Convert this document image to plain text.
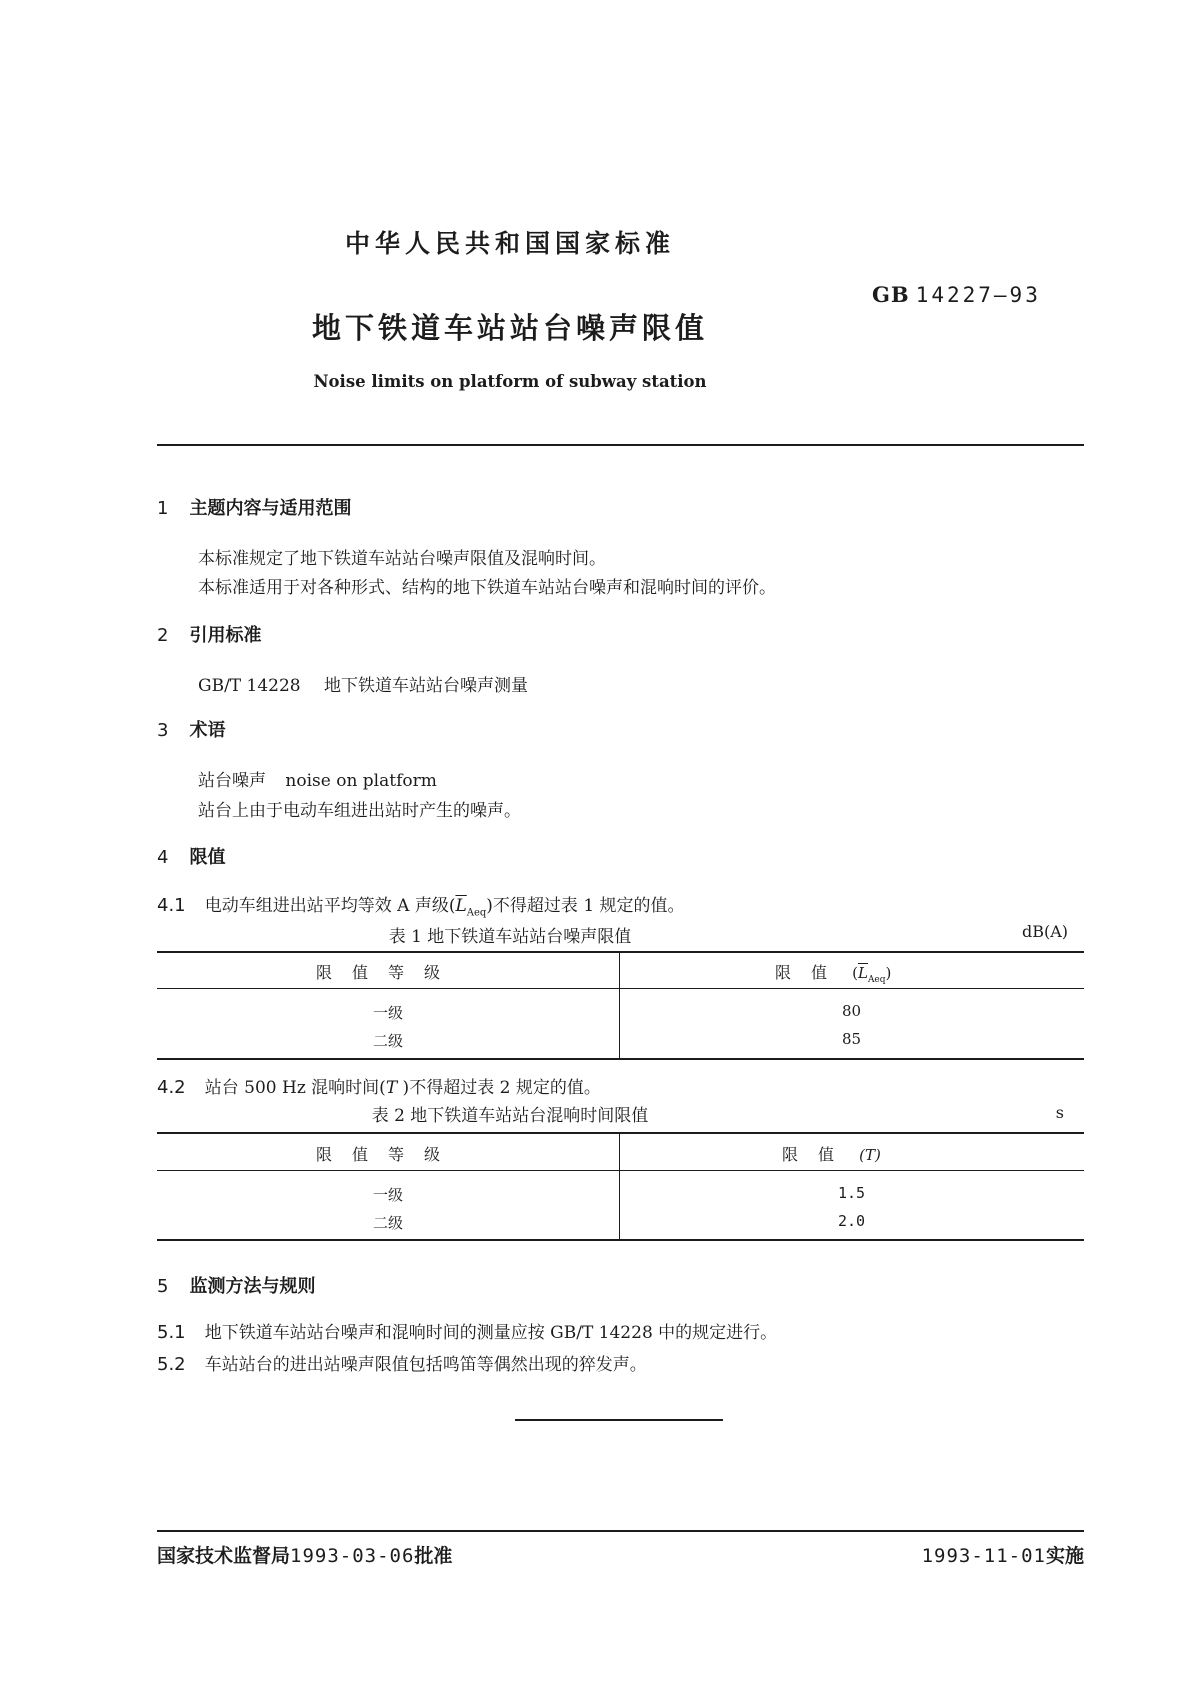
中华人民共和国国家标准
GB 14227—93
地下铁道车站站台噪声限值
Noise limits on platform of subway station
1 主题内容与适用范围
本标准规定了地下铁道车站站台噪声限值及混响时间。
本标准适用于对各种形式、结构的地下铁道车站站台噪声和混响时间的评价。
2 引用标准
GB/T 14228 地下铁道车站站台噪声测量
3 术语
站台噪声 noise on platform
站台上由于电动车组进出站时产生的噪声。
4 限值
4.1 电动车组进出站平均等效 A 声级$(\overline{L}_{Aeq})$不得超过表 1 规定的值。
表 1 地下铁道车站站台噪声限值	dB(A)
限值等级	限值 $(\overline{L}_{Aeq})$
一级	80
二级	85
4.2 站台 500 Hz 混响时间(T )不得超过表 2 规定的值。
表 2 地下铁道车站站台混响时间限值	s
限值等级	限值 (T)
一级	1.5
二级	2.0
5 监测方法与规则
5.1 地下铁道车站站台噪声和混响时间的测量应按 GB/T 14228 中的规定进行。
5.2 车站站台的进出站噪声限值包括鸣笛等偶然出现的猝发声。
国家技术监督局1993-03-06批准	1993-11-01实施
